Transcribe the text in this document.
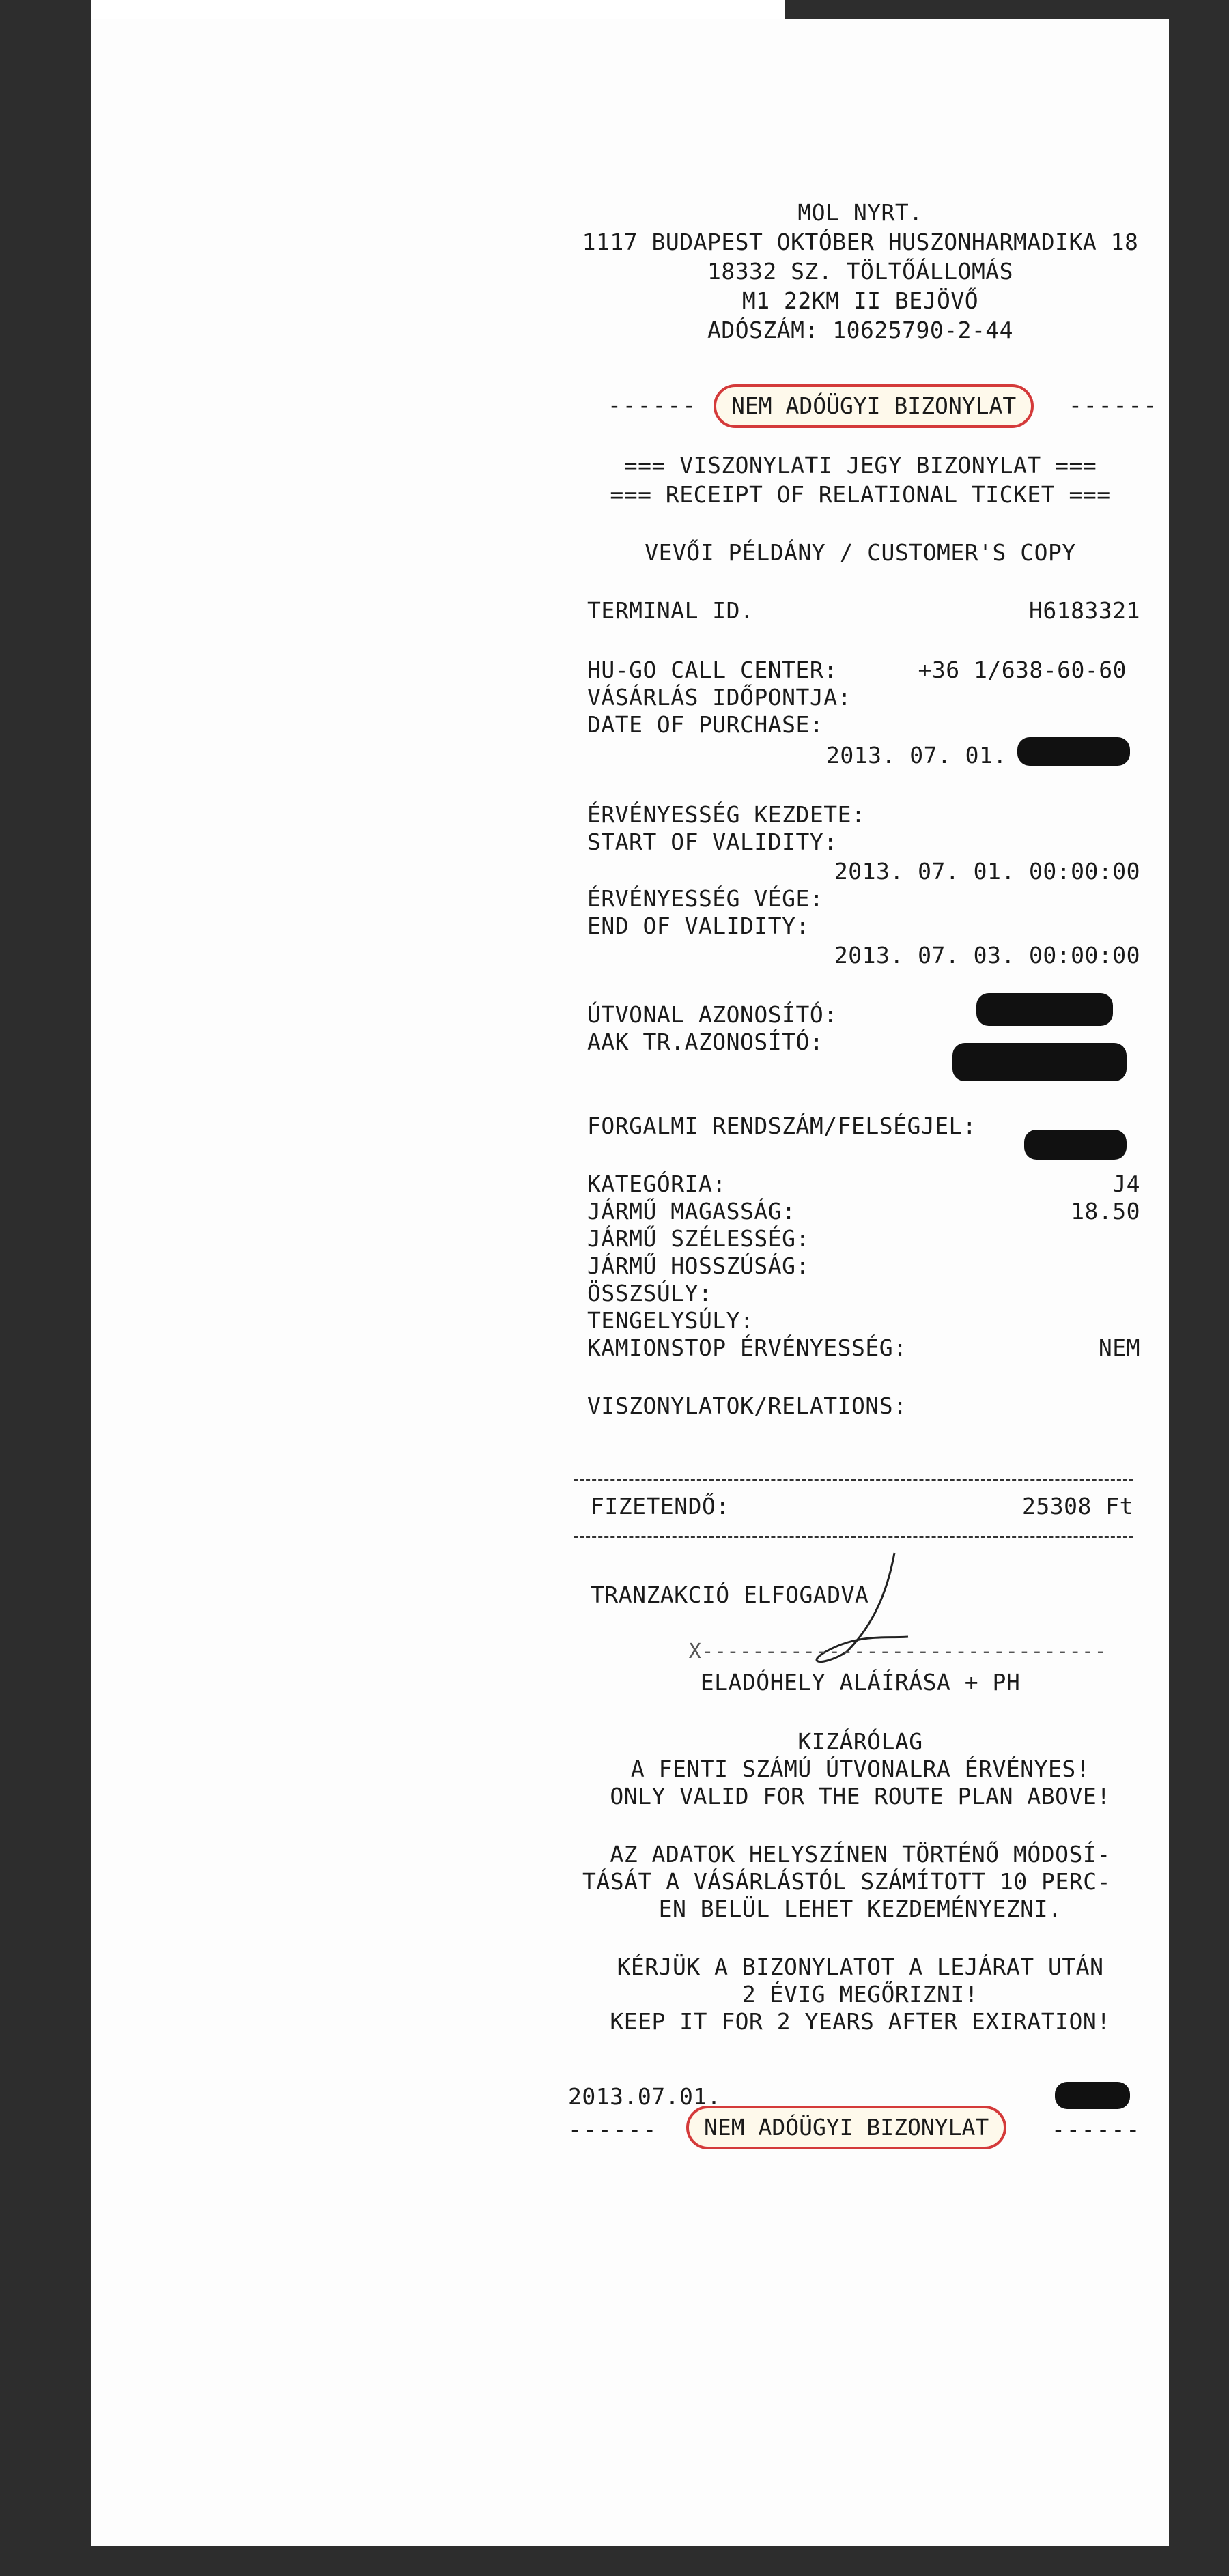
MOL NYRT.
1117 BUDAPEST OKTÓBER HUSZONHARMADIKA 18
18332 SZ. TÖLTŐÁLLOMÁS
M1 22KM II BEJÖVŐ
ADÓSZÁM: 10625790-2-44
------	NEM ADÓÜGYI BIZONYLAT	------
=== VISZONYLATI JEGY BIZONYLAT ===
=== RECEIPT OF RELATIONAL TICKET ===
VEVŐI PÉLDÁNY / CUSTOMER'S COPY
TERMINAL ID.	H6183321
HU-GO CALL CENTER:	+36 1/638-60-60
VÁSÁRLÁS IDŐPONTJA:
DATE OF PURCHASE:
2013. 07. 01.
ÉRVÉNYESSÉG KEZDETE:
START OF VALIDITY:
2013. 07. 01. 00:00:00
ÉRVÉNYESSÉG VÉGE:
END OF VALIDITY:
2013. 07. 03. 00:00:00
ÚTVONAL AZONOSÍTÓ:
AAK TR.AZONOSÍTÓ:
FORGALMI RENDSZÁM/FELSÉGJEL:
KATEGÓRIA:	J4
JÁRMŰ MAGASSÁG:	18.50
JÁRMŰ SZÉLESSÉG:
JÁRMŰ HOSSZÚSÁG:
ÖSSZSÚLY:
TENGELYSÚLY:
KAMIONSTOP ÉRVÉNYESSÉG:	NEM
VISZONYLATOK/RELATIONS:
FIZETENDŐ:	25308 Ft
TRANZAKCIÓ ELFOGADVA
X--------------------------------
ELADÓHELY ALÁÍRÁSA + PH
KIZÁRÓLAG
A FENTI SZÁMÚ ÚTVONALRA ÉRVÉNYES!
ONLY VALID FOR THE ROUTE PLAN ABOVE!
AZ ADATOK HELYSZÍNEN TÖRTÉNŐ MÓDOSÍ-
TÁSÁT A VÁSÁRLÁSTÓL SZÁMÍTOTT 10 PERC-
EN BELÜL LEHET KEZDEMÉNYEZNI.
KÉRJÜK A BIZONYLATOT A LEJÁRAT UTÁN
2 ÉVIG MEGŐRIZNI!
KEEP IT FOR 2 YEARS AFTER EXIRATION!
2013.07.01.
------	NEM ADÓÜGYI BIZONYLAT	------
